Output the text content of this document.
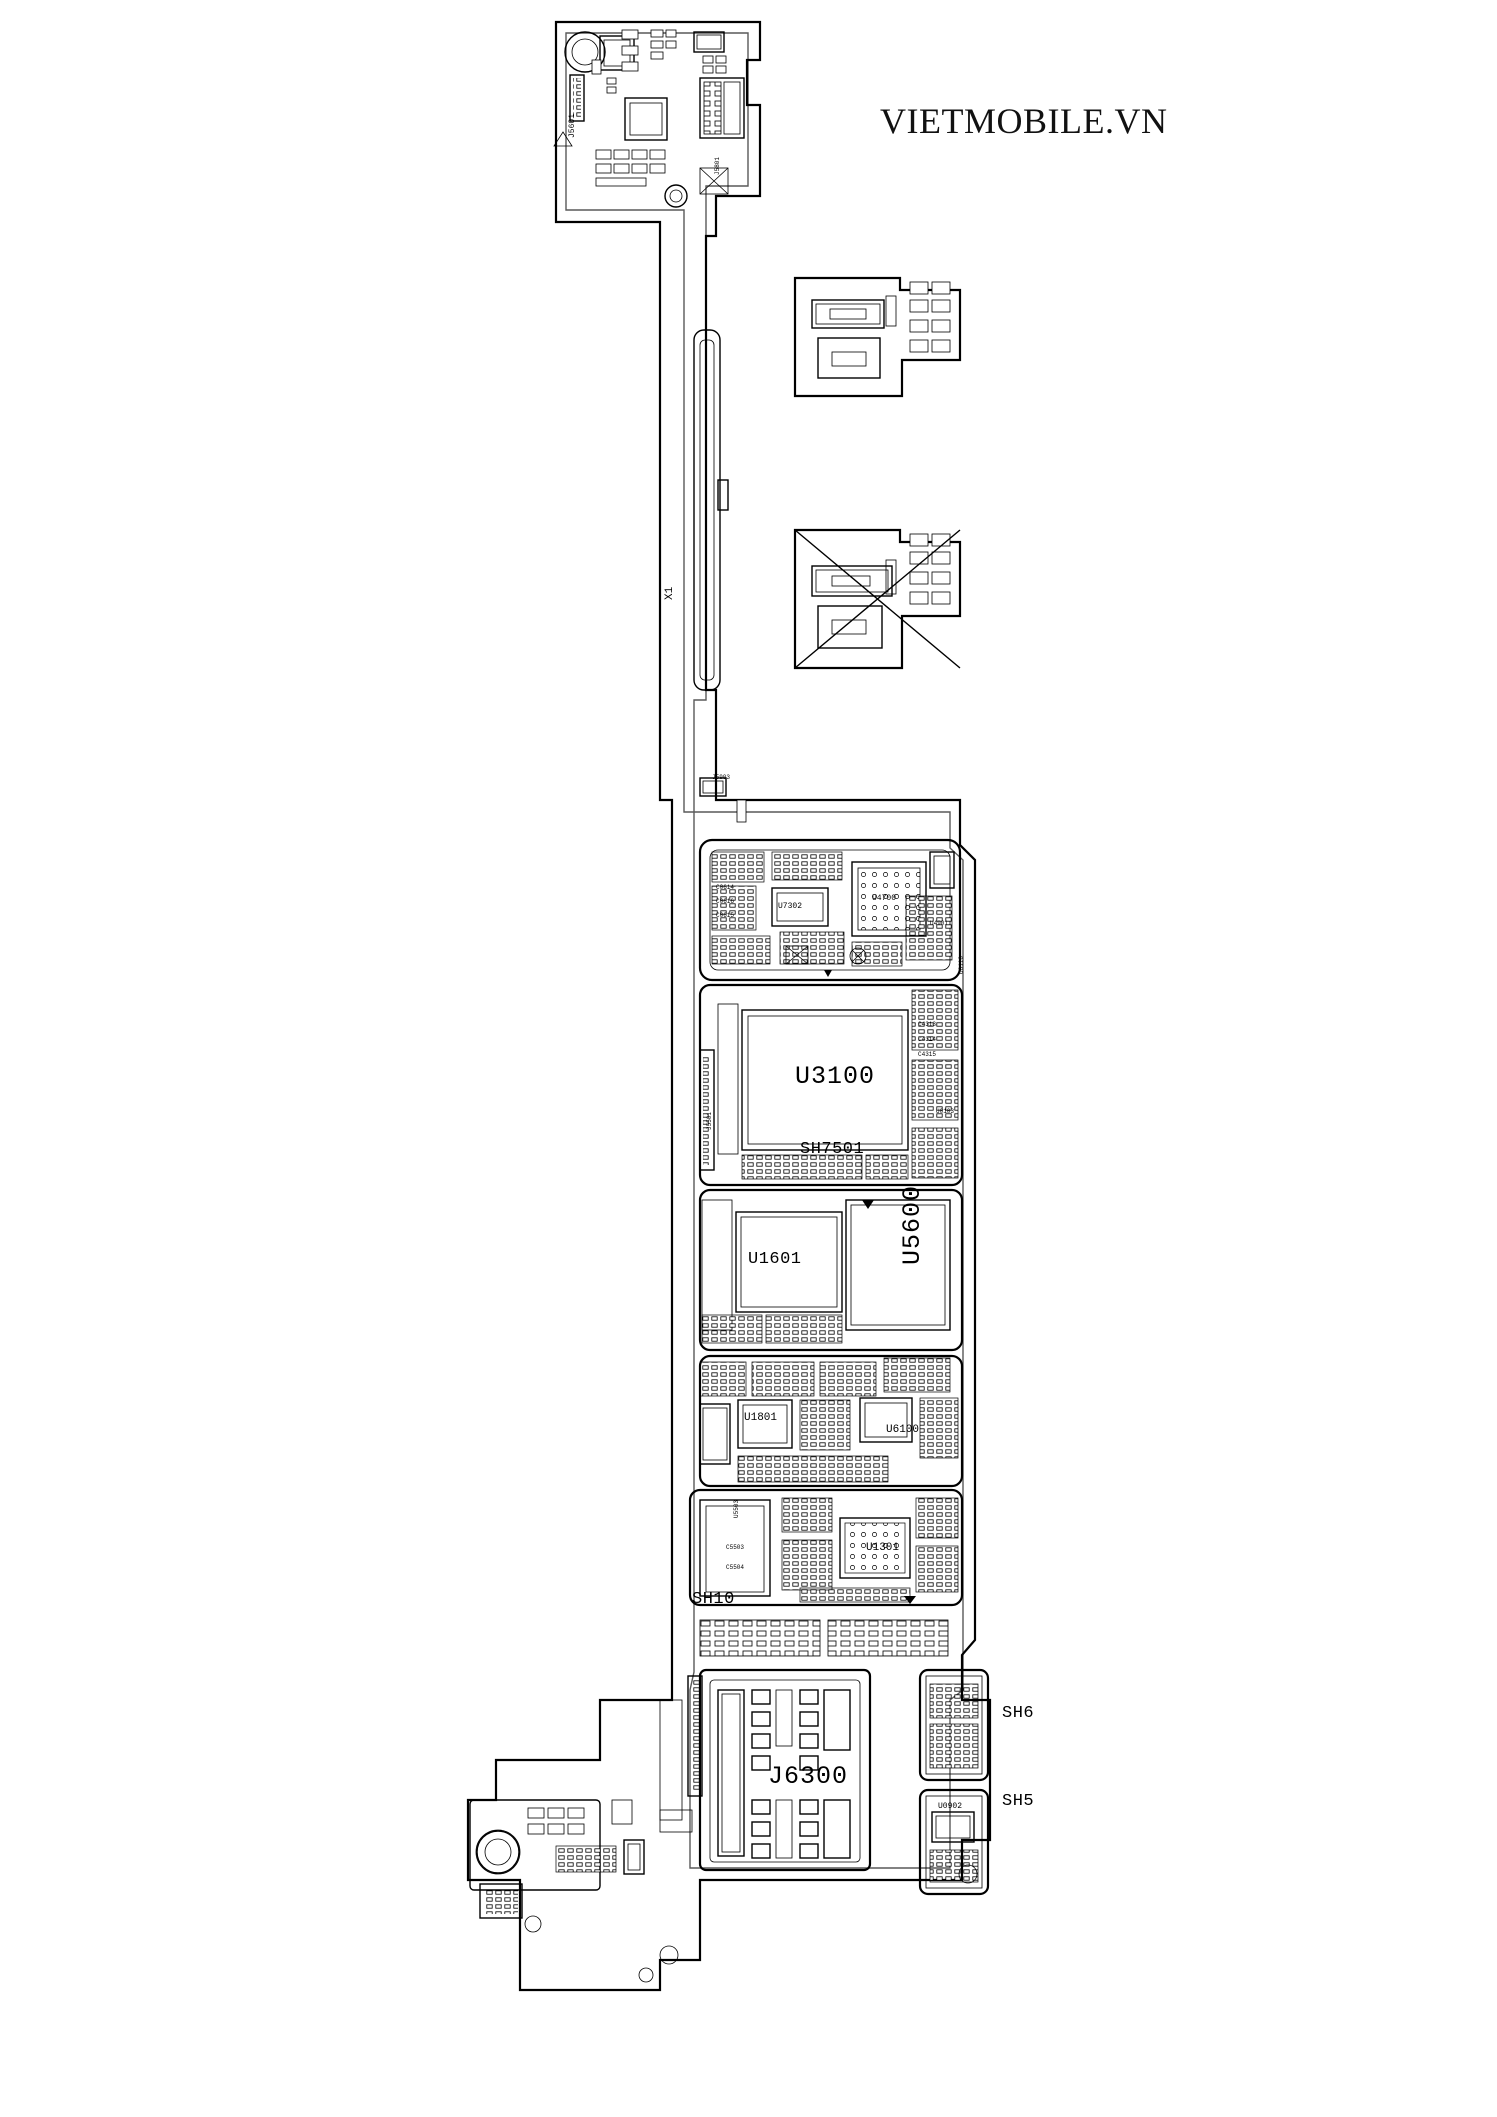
VIETMOBILE.VN
U3100
SH7501
U1601	U5600
U1801
U6100
U1301
SH10
J6300
SH6
SH5
U0902
J5601
J5801
X1
J5903
U7302
U4700
U4901
U6110
U0103
J5501
U5503
C5503
C5504
C0614
C0616
C0615
C4313
C4314
C4315
